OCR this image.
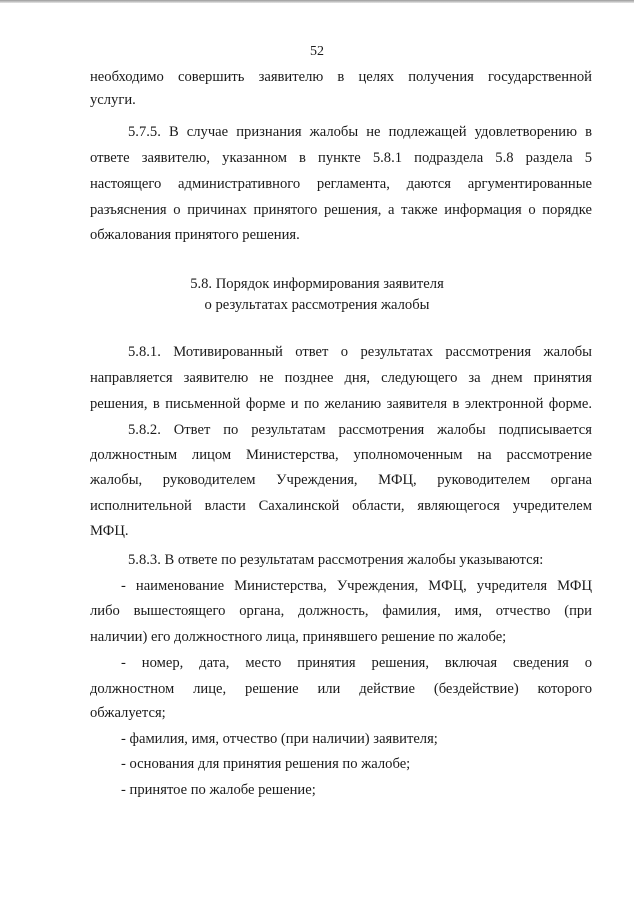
52
необходимо совершить заявителю в целях получения государственной
услуги.
5.7.5. В случае признания жалобы не подлежащей удовлетворению в
ответе заявителю, указанном в пункте 5.8.1 подраздела 5.8 раздела 5
настоящего административного регламента, даются аргументированные
разъяснения о причинах принятого решения, а также информация о порядке
обжалования принятого решения.
5.8. Порядок информирования заявителя
о результатах рассмотрения жалобы
5.8.1. Мотивированный ответ о результатах рассмотрения жалобы
направляется заявителю не позднее дня, следующего за днем принятия
решения, в письменной форме и по желанию заявителя в электронной форме.
5.8.2. Ответ по результатам рассмотрения жалобы подписывается
должностным лицом Министерства, уполномоченным на рассмотрение
жалобы, руководителем Учреждения, МФЦ, руководителем органа
исполнительной власти Сахалинской области, являющегося учредителем
МФЦ.
5.8.3. В ответе по результатам рассмотрения жалобы указываются:
- наименование Министерства, Учреждения, МФЦ, учредителя МФЦ
либо вышестоящего органа, должность, фамилия, имя, отчество (при
наличии) его должностного лица, принявшего решение по жалобе;
- номер, дата, место принятия решения, включая сведения о
должностном лице, решение или действие (бездействие) которого
обжалуется;
- фамилия, имя, отчество (при наличии) заявителя;
- основания для принятия решения по жалобе;
- принятое по жалобе решение;
